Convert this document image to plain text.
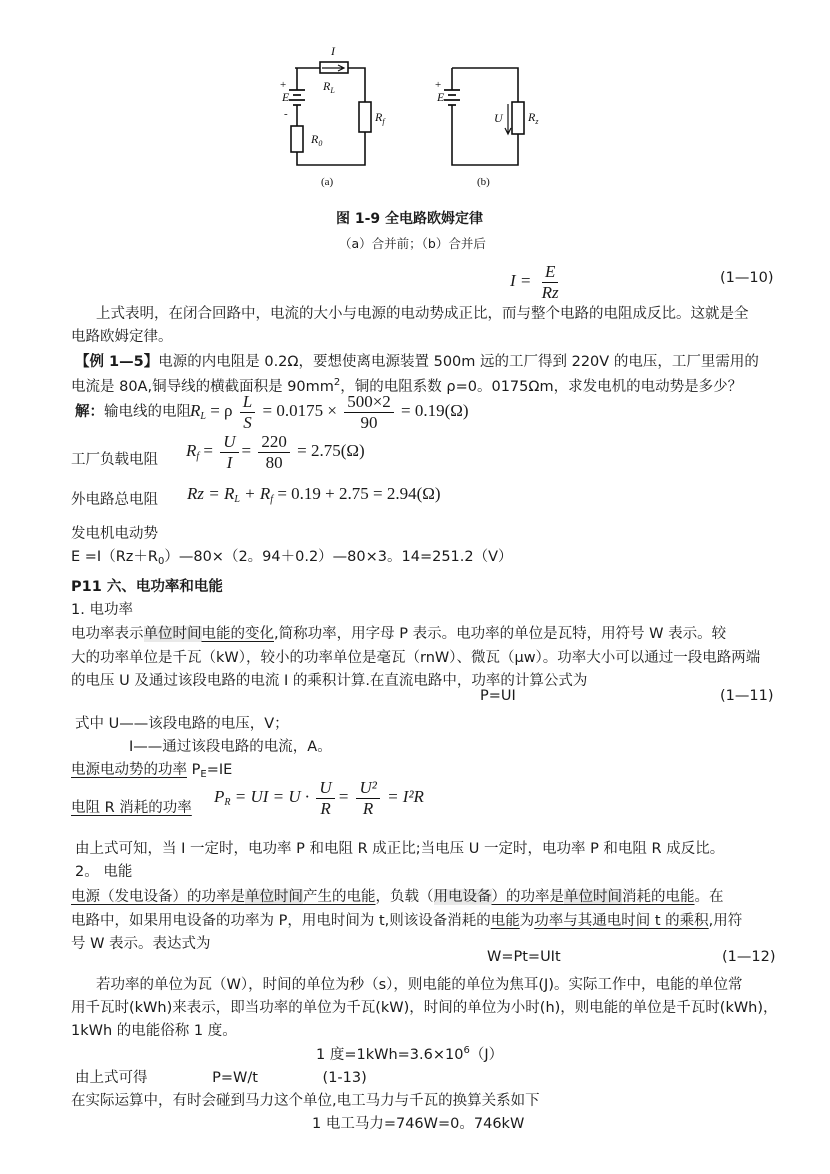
I
$R_L$
+
E
-
$R_0$
$R_f$
(a)
+
E
U $R_z$
(b)
图 1-9 全电路欧姆定律
（a）合并前；（b）合并后
$I = \frac{E}{Rz}$	(1—10)
上式表明，在闭合回路中，电流的大小与电源的电动势成正比，而与整个电路的电阻成反比。这就是全
电路欧姆定律。
【例 1—5】电源的内电阻是 0.2Ω，要想使离电源装置 500m 远的工厂得到 220V 的电压，工厂里需用的
电流是 80A,铜导线的横截面积是 $90mm^2$，铜的电阻系数 ρ=0。0175Ωm，求发电机的电动势是多少？
解：输电线的电阻 $R_L = \rho \frac{L}{S} = 0.0175 \times \frac{500\times 2}{90} = 0.19(\Omega)$
工厂负载电阻
$R_f = \frac{U}{I} = \frac{220}{80} = 2.75(\Omega)$
外电路总电阻 $Rz = R_L + R_f = 0.19 + 2.75 = 2.94(\Omega)$
发电机电动势
$E =I(Rz+R_0)—80\times(2$。94＋0.2）—80×3。14=251.2（V）
P11 六、电功率和电能
1. 电功率
电功率表示单位时间电能的变化,简称功率，用字母 P 表示。电功率的单位是瓦特，用符号 W 表示。较
大的功率单位是千瓦（kW），较小的功率单位是毫瓦（rnW）、微瓦（μw）。功率大小可以通过一段电路两端
的电压 U 及通过该段电路的电流 I 的乘积计算.在直流电路中，功率的计算公式为
P=UI	(1—11)
式中 U——该段电路的电压，V；
I——通过该段电路的电流，A。
电源电动势的功率 $P_E=IE$
电阻 R 消耗的功率
$P_R$ = UI = $U \cdot \frac{U}{R} = \frac{\text{U²}}{R} = I^2R$
由上式可知，当 I 一定时，电功率 P 和电阻 R 成正比;当电压 U 一定时，电功率 P 和电阻 R 成反比。
2。 电能
电源（发电设备）的功率是单位时间产生的电能，负载（用电设备）的功率是单位时间消耗的电能。在
电路中，如果用电设备的功率为 P，用电时间为 t,则该设备消耗的电能为功率与其通电时间 t 的乘积,用符
号 W 表示。表达式为
W=Pt=UIt	(1—12)
若功率的单位为瓦（W），时间的单位为秒（s），则电能的单位为焦耳(J)。实际工作中，电能的单位常
用千瓦时(kWh)来表示，即当功率的单位为千瓦(kW)，时间的单位为小时(h)，则电能的单位是千瓦时(kWh)，
1kWh 的电能俗称 1 度。
1 度$=1kWh=3.6\times 10^6(J)$
由上式可得	P=W/t	(1-13)
在实际运算中，有时会碰到马力这个单位,电工马力与千瓦的换算关系如下
1 电工马力=746W=0。746kW
